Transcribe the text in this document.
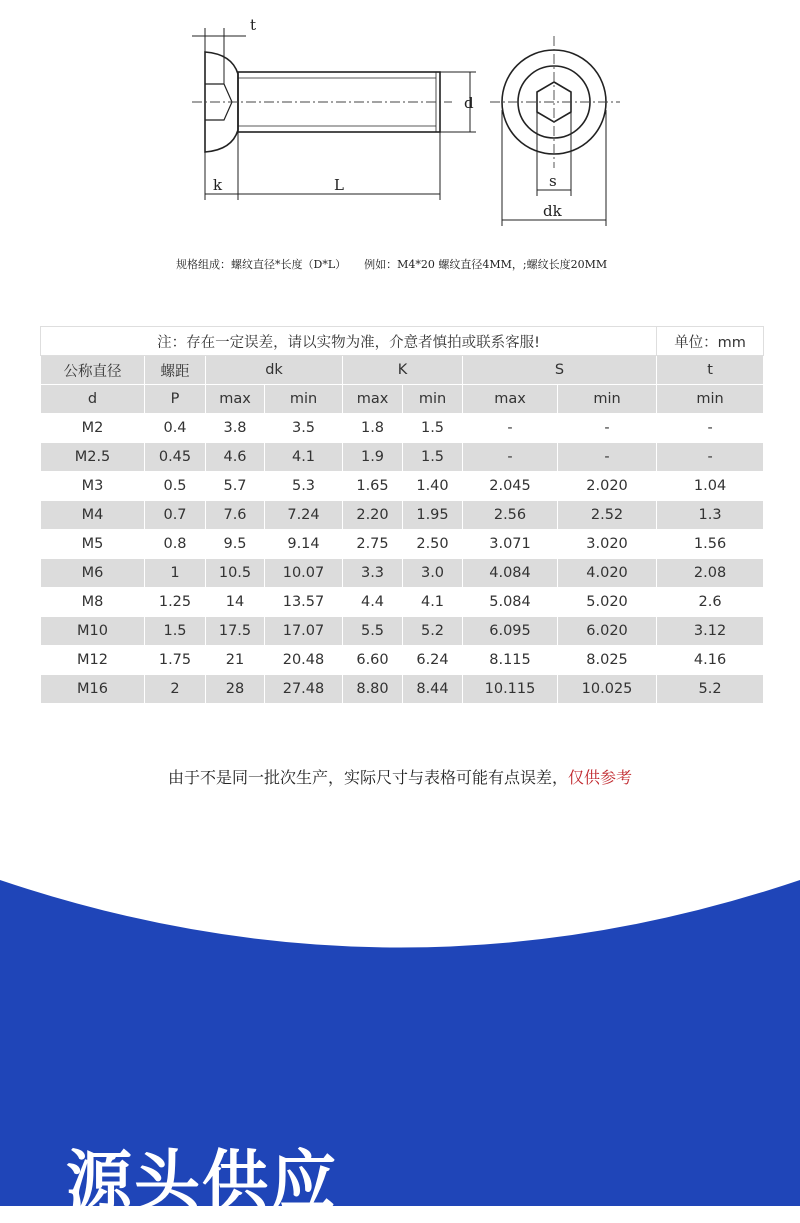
t
d
k	L	s
dk
规格组成：螺纹直径*长度（D*L） 例如：M4*20 螺纹直径4MM，;螺纹长度20MM
注：存在一定误差，请以实物为准，介意者慎拍或联系客服!								单位：mm
公称直径	螺距	dk		K		S		t
d	P	max	min	max	min	max	min	min
M2	0.4	3.8	3.5	1.8	1.5	-	-	-
M2.5	0.45	4.6	4.1	1.9	1.5	-	-	-
M3	0.5	5.7	5.3	1.65	1.40	2.045	2.020	1.04
M4	0.7	7.6	7.24	2.20	1.95	2.56	2.52	1.3
M5	0.8	9.5	9.14	2.75	2.50	3.071	3.020	1.56
M6	1	10.5	10.07	3.3	3.0	4.084	4.020	2.08
M8	1.25	14	13.57	4.4	4.1	5.084	5.020	2.6
M10	1.5	17.5	17.07	5.5	5.2	6.095	6.020	3.12
M12	1.75	21	20.48	6.60	6.24	8.115	8.025	4.16
M16	2	28	27.48	8.80	8.44	10.115	10.025	5.2
由于不是同一批次生产，实际尺寸与表格可能有点误差，仅供参考
源头供应
